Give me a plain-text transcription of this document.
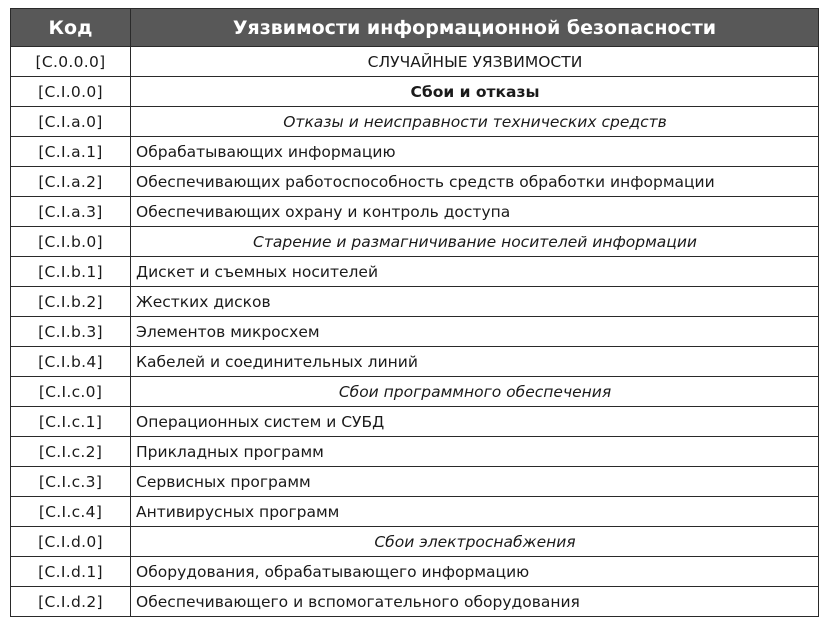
Код	Уязвимости информационной безопасности
[C.0.0.0]	СЛУЧАЙНЫЕ УЯЗВИМОСТИ
[C.I.0.0]	Сбои и отказы
[C.I.a.0]	Отказы и неисправности технических средств
[C.I.a.1]	Обрабатывающих информацию
[C.I.a.2]	Обеспечивающих работоспособность средств обработки информации
[C.I.a.3]	Обеспечивающих охрану и контроль доступа
[C.I.b.0]	Старение и размагничивание носителей информации
[C.I.b.1]	Дискет и съемных носителей
[C.I.b.2]	Жестких дисков
[C.I.b.3]	Элементов микросхем
[C.I.b.4]	Кабелей и соединительных линий
[C.I.c.0]	Сбои программного обеспечения
[C.I.c.1]	Операционных систем и СУБД
[C.I.c.2]	Прикладных программ
[C.I.c.3]	Сервисных программ
[C.I.c.4]	Антивирусных программ
[C.I.d.0]	Сбои электроснабжения
[C.I.d.1]	Оборудования, обрабатывающего информацию
[C.I.d.2]	Обеспечивающего и вспомогательного оборудования
